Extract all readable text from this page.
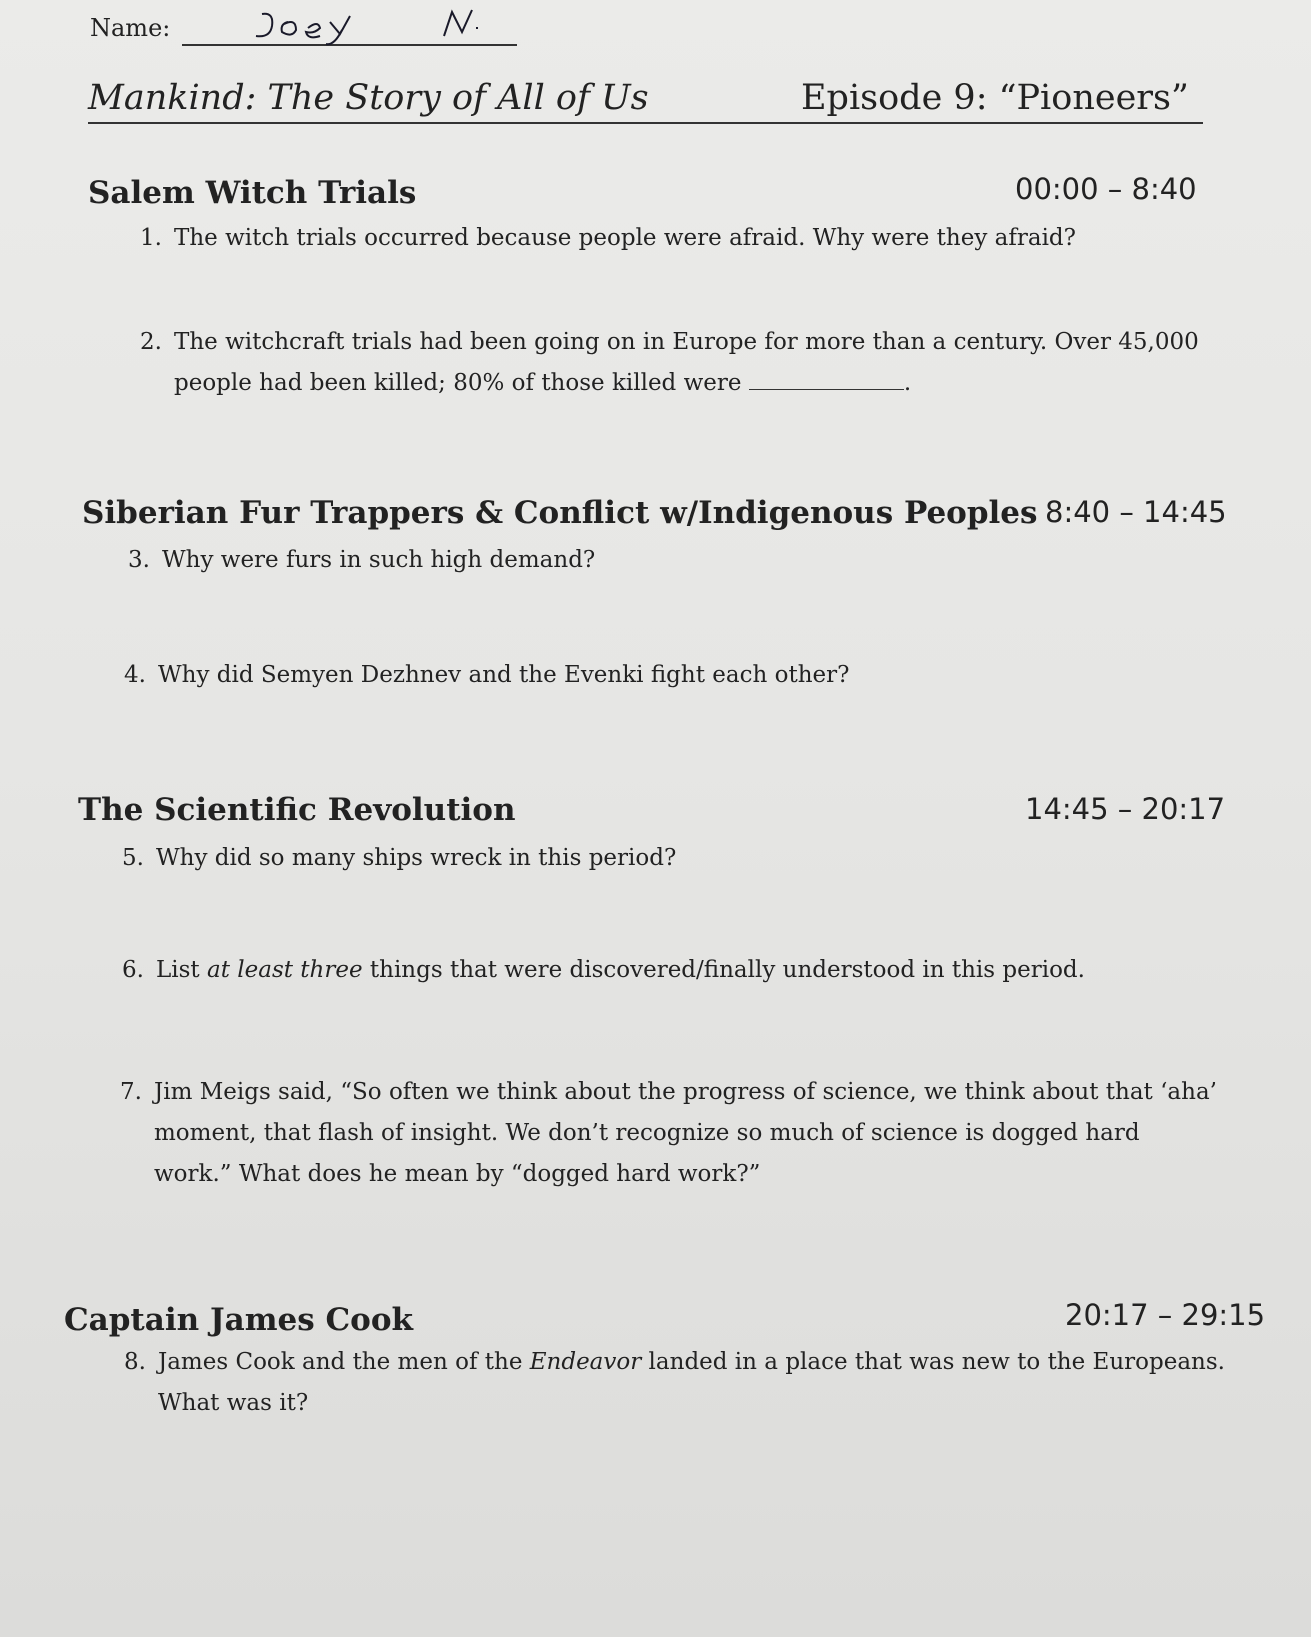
Name:
Mankind: The Story of All of Us	Episode 9: “Pioneers”
Salem Witch Trials	00:00 – 8:40
1. The witch trials occurred because people were afraid. Why were they afraid?
2. The witchcraft trials had been going on in Europe for more than a century. Over 45,000
people had been killed; 80% of those killed were	.
Siberian Fur Trappers & Conflict w/Indigenous Peoples 8:40 – 14:45
3. Why were furs in such high demand?
4. Why did Semyen Dezhnev and the Evenki fight each other?
The Scientific Revolution	14:45 – 20:17
5. Why did so many ships wreck in this period?
6. List at least three things that were discovered/finally understood in this period.
7. Jim Meigs said, “So often we think about the progress of science, we think about that ‘aha’
moment, that flash of insight. We don’t recognize so much of science is dogged hard
work.” What does he mean by “dogged hard work?”
Captain James Cook	20:17 – 29:15
8. James Cook and the men of the Endeavor landed in a place that was new to the Europeans.
What was it?
